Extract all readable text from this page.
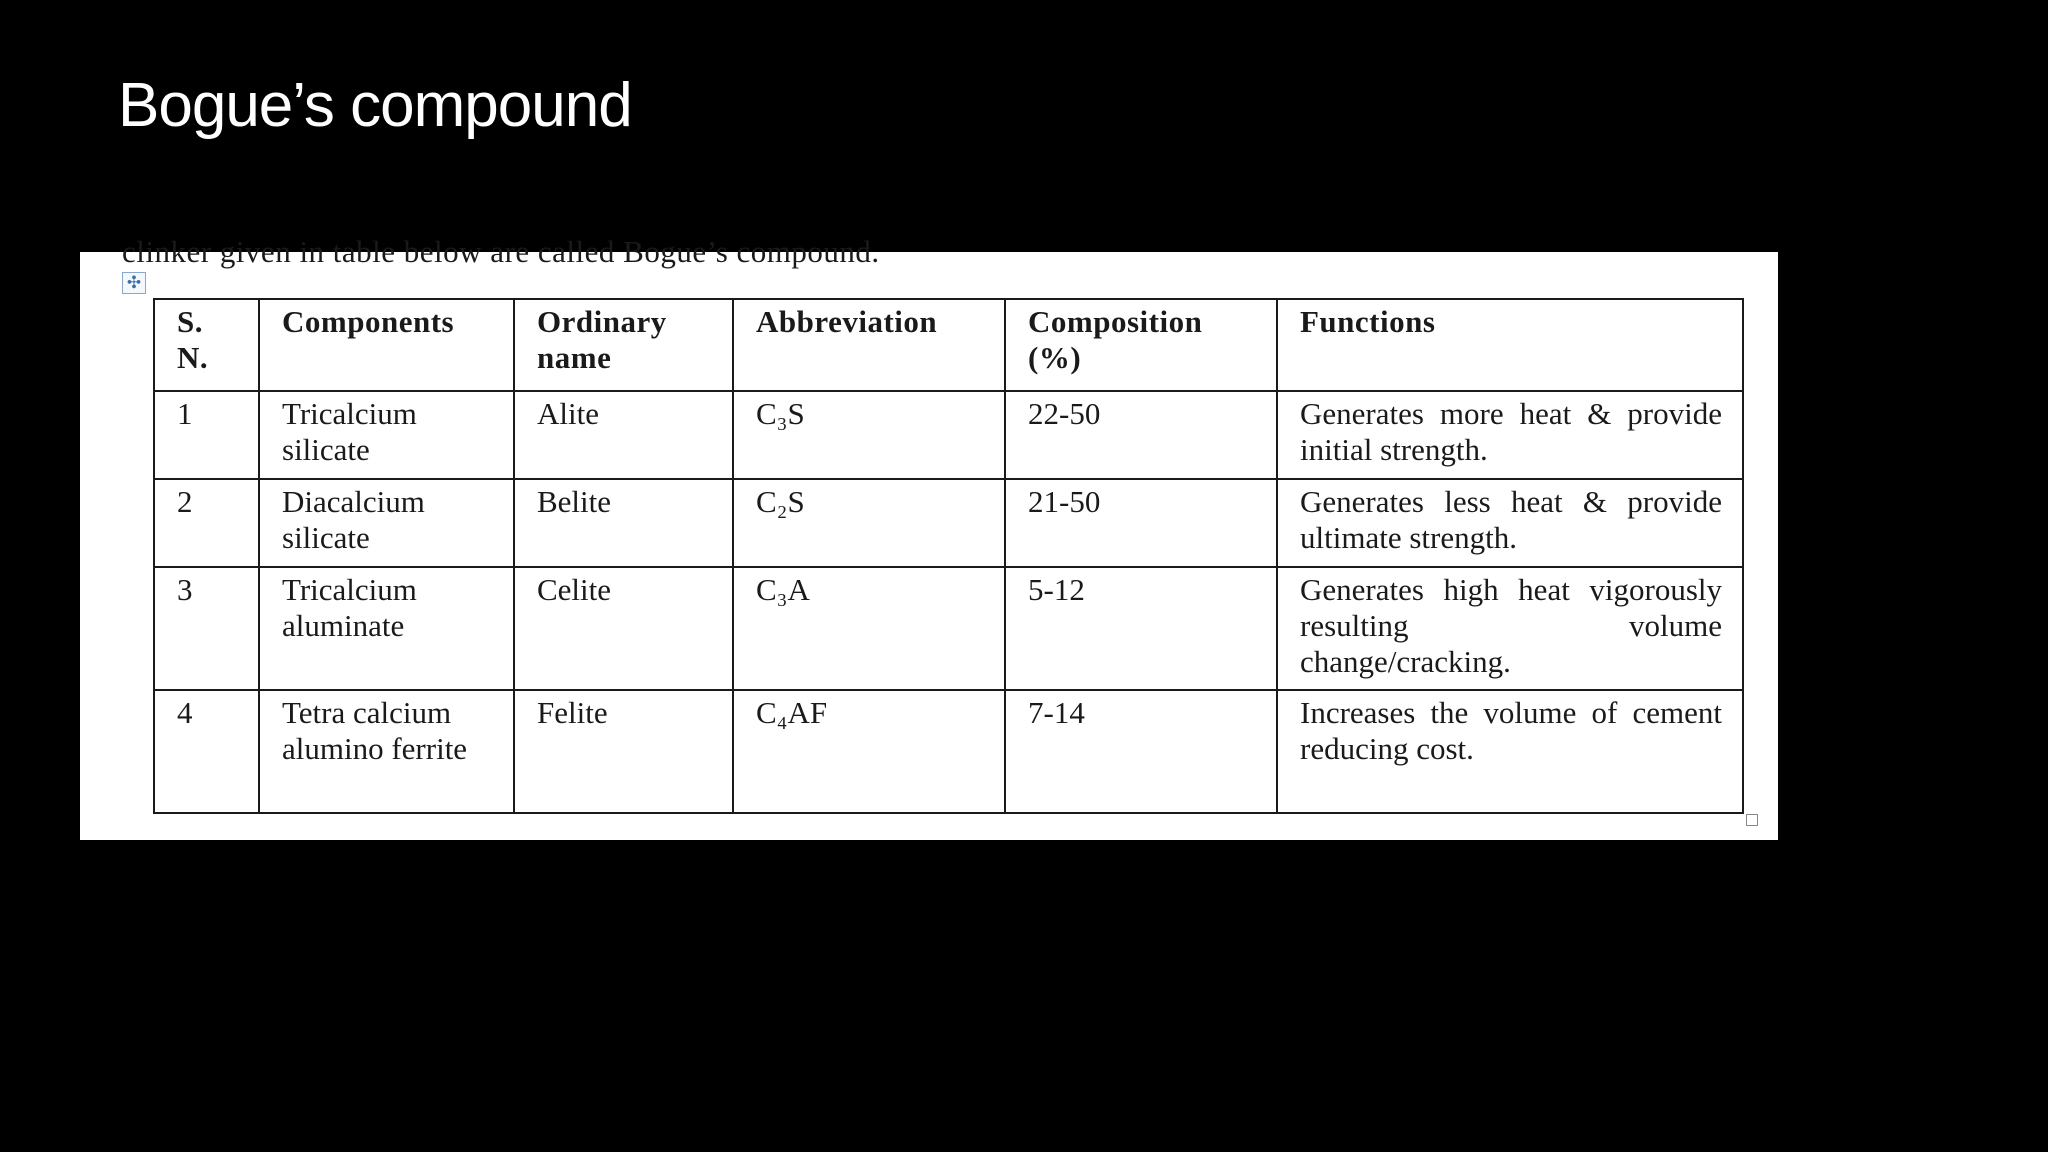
Bogue’s compound

clinker given in table below are called Bogue’s compound.

✣
S. N.	Components	Ordinary name	Abbreviation	Composition (%)	Functions
1	Tricalcium silicate	Alite	C₃S	22-50	Generates more heat & provide initial strength.
2	Diacalcium silicate	Belite	C₂S	21-50	Generates less heat & provide ultimate strength.
3	Tricalcium aluminate	Celite	C₃A	5-12	Generates high heat vigorously resulting volume change/cracking.
4	Tetra calcium alumino ferrite	Felite	C₄AF	7-14	Increases the volume of cement reducing cost.
